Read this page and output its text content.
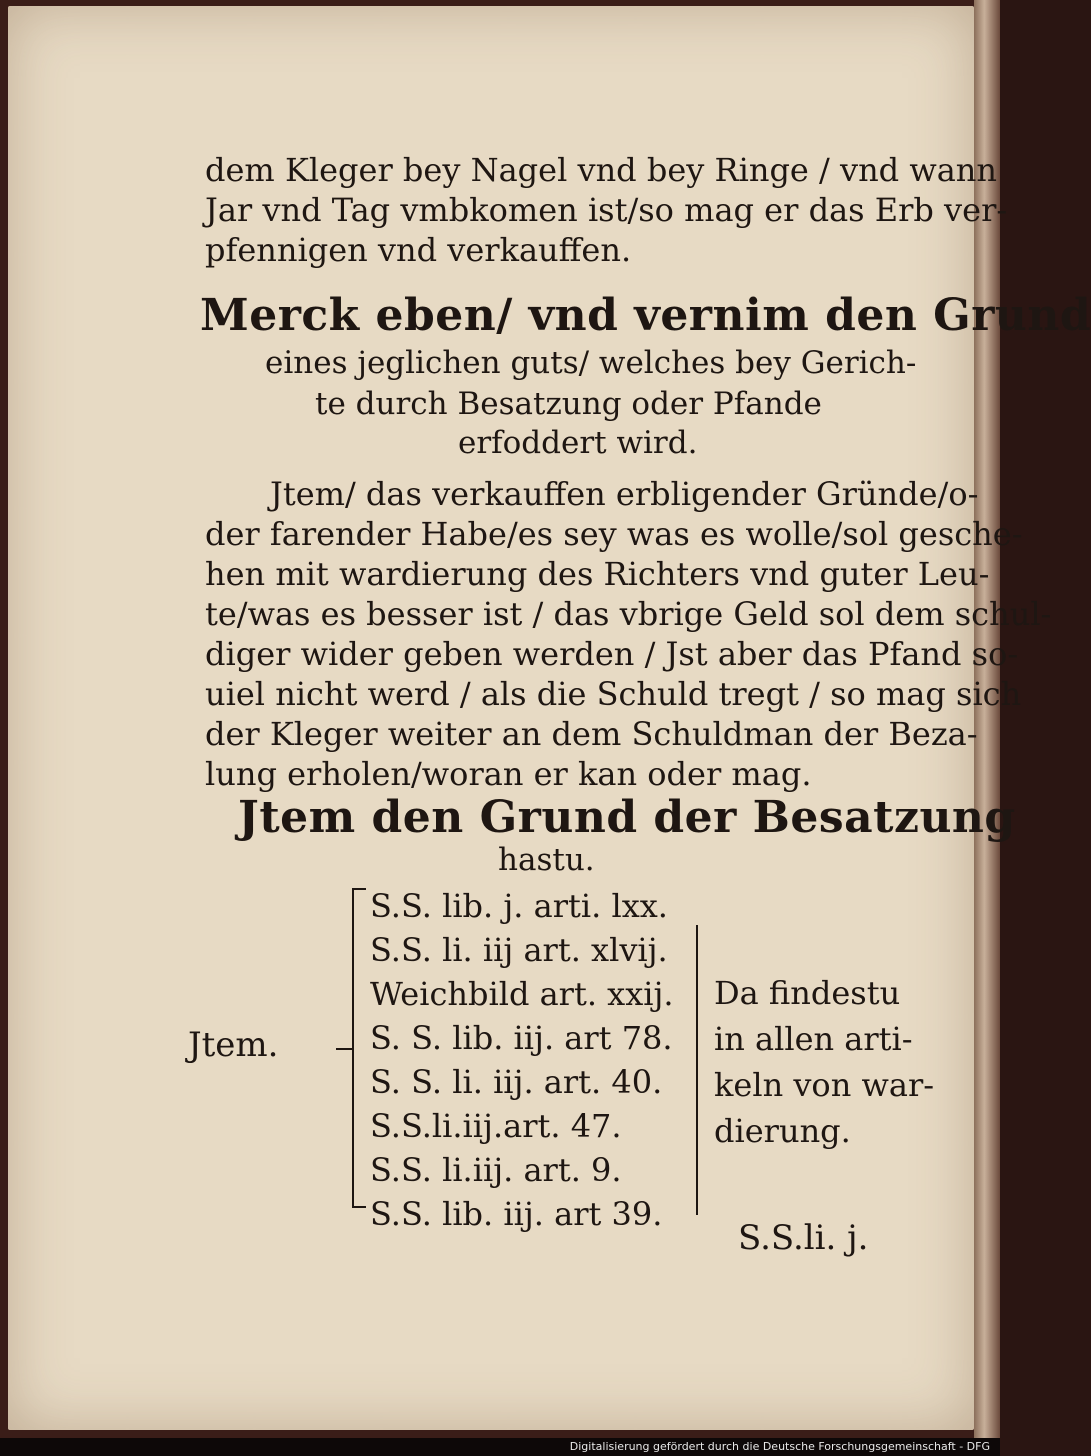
dem Kleger bey Nagel vnd bey Ringe / vnd wann
Jar vnd Tag vmbkomen ist/so mag er das Erb ver-
pfennigen vnd verkauffen.
Merck eben/ vnd vernim den Grund
eines jeglichen guts/ welches bey Gerich-
te durch Besatzung oder Pfande
erfoddert wird.
Jtem/ das verkauffen erbligender Gründe/o-
der farender Habe/es sey was es wolle/sol gesche-
hen mit wardierung des Richters vnd guter Leu-
te/was es besser ist / das vbrige Geld sol dem schul-
diger wider geben werden / Jst aber das Pfand so-
uiel nicht werd / als die Schuld tregt / so mag sich
der Kleger weiter an dem Schuldman der Beza-
lung erholen/woran er kan oder mag.
Jtem den Grund der Besatzung
hastu.
Jtem.
S.S. lib. j. arti. lxx.
S.S. li. iij art. xlvij.
Weichbild art. xxij.
S. S. lib. iij. art 78.
S. S. li. iij. art. 40.
S.S.li.iij.art. 47.
S.S. li.iij. art. 9.
S.S. lib. iij. art 39.
Da findestu
in allen arti-
keln von war-
dierung.
S.S.li. j.
Digitalisierung gefördert durch die Deutsche Forschungsgemeinschaft - DFG
